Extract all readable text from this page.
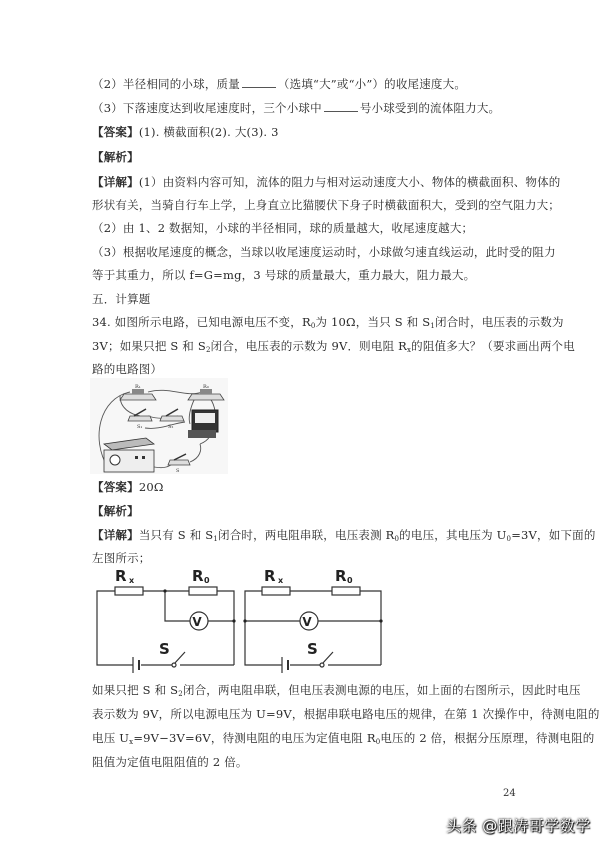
（2）半径相同的小球，质量	（选填“大”或“小”）的收尾速度大。
（3）下落速度达到收尾速度时，三个小球中	号小球受到的流体阻力大。
【答案】(1). 横截面积(2). 大(3). 3
【解析】
【详解】(1）由资料内容可知，流体的阻力与相对运动速度大小、物体的横截面积、物体的
形状有关，当骑自行车上学，上身直立比猫腰伏下身子时横截面积大，受到的空气阻力大；
（2）由 1、2 数据知，小球的半径相同，球的质量越大，收尾速度越大；
（3）根据收尾速度的概念，当球以收尾速度运动时，小球做匀速直线运动，此时受的阻力
等于其重力，所以 f=G=mg，3 号球的质量最大，重力最大，阻力最大。
五．计算题
34. 如图所示电路，已知电源电压不变，$R_0$为 10Ω，当只 S 和 $S_1$闭合时，电压表的示数为
3V；如果只把 S 和 $S_2$闭合，电压表的示数为 9V．则电阻 $R_x$的阻值多大？（要求画出两个电
路的电路图）
R₁	R₀
S₁	S₂
S
【答案】20Ω
【解析】
【详解】当只有 S 和 $S_1$闭合时，两电阻串联，电压表测 $R_0$的电压，其电压为 $U_0=3V$，如下面的
左图所示；
V
R x	R 0
S
V
R x	R 0
S
如果只把 S 和 $S_2$闭合，两电阻串联，但电压表测电源的电压，如上面的右图所示，因此时电压
表示数为 9V，所以电源电压为 U=9V，根据串联电路电压的规律，在第 1 次操作中，待测电阻的
电压 $U_x=9V-3V=6V$，待测电阻的电压为定值电阻 $R_0$电压的 2 倍，根据分压原理，待测电阻的
阻值为定值电阻阻值的 2 倍。
24
头条 @跟涛哥学数学
